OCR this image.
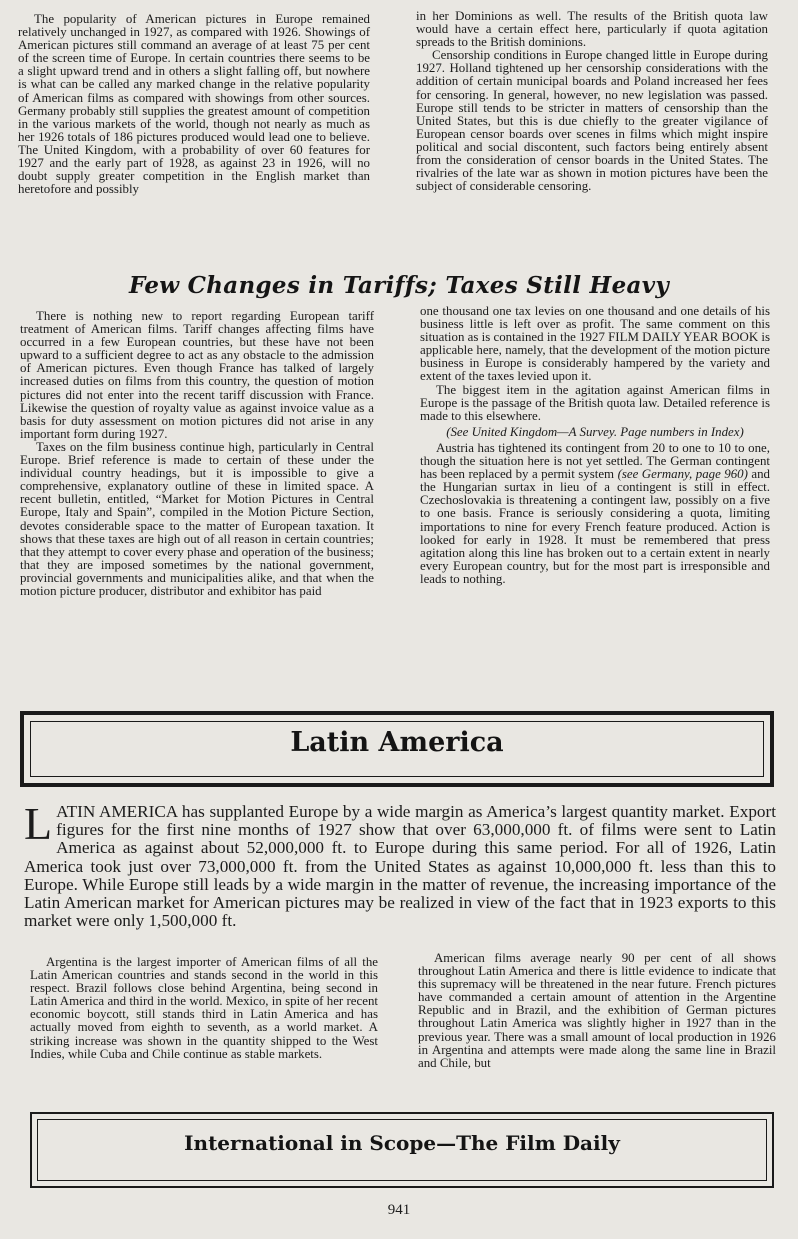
The popularity of American pictures in Europe remained relatively unchanged in 1927, as compared with 1926. Showings of American pictures still command an average of at least 75 per cent of the screen time of Europe. In certain countries there seems to be a slight upward trend and in others a slight falling off, but nowhere is what can be called any marked change in the relative popularity of American films as compared with showings from other sources. Germany probably still supplies the greatest amount of competition in the various markets of the world, though not nearly as much as her 1926 totals of 186 pictures produced would lead one to believe. The United Kingdom, with a probability of over 60 features for 1927 and the early part of 1928, as against 23 in 1926, will no doubt supply greater competition in the English market than heretofore and possibly

in her Dominions as well. The results of the British quota law would have a certain effect here, particularly if quota agitation spreads to the British dominions.

Censorship conditions in Europe changed little in Europe during 1927. Holland tightened up her censorship considerations with the addition of certain municipal boards and Poland increased her fees for censoring. In general, however, no new legislation was passed. Europe still tends to be stricter in matters of censorship than the United States, but this is due chiefly to the greater vigilance of European censor boards over scenes in films which might inspire political and social discontent, such factors being entirely absent from the consideration of censor boards in the United States. The rivalries of the late war as shown in motion pictures have been the subject of considerable censoring.

Few Changes in Tariffs; Taxes Still Heavy

There is nothing new to report regarding European tariff treatment of American films. Tariff changes affecting films have occurred in a few European countries, but these have not been upward to a sufficient degree to act as any obstacle to the admission of American pictures. Even though France has talked of largely increased duties on films from this country, the question of motion pictures did not enter into the recent tariff discussion with France. Likewise the question of royalty value as against invoice value as a basis for duty assessment on motion pictures did not arise in any important form during 1927.

Taxes on the film business continue high, particularly in Central Europe. Brief reference is made to certain of these under the individual country headings, but it is impossible to give a comprehensive, explanatory outline of these in limited space. A recent bulletin, entitled, “Market for Motion Pictures in Central Europe, Italy and Spain”, compiled in the Motion Picture Section, devotes considerable space to the matter of European taxation. It shows that these taxes are high out of all reason in certain countries; that they attempt to cover every phase and operation of the business; that they are imposed sometimes by the national government, provincial governments and municipalities alike, and that when the motion picture producer, distributor and exhibitor has paid

one thousand one tax levies on one thousand and one details of his business little is left over as profit. The same comment on this situation as is contained in the 1927 FILM DAILY YEAR BOOK is applicable here, namely, that the development of the motion picture business in Europe is considerably hampered by the variety and extent of the taxes levied upon it.

The biggest item in the agitation against American films in Europe is the passage of the British quota law. Detailed reference is made to this elsewhere.

(See United Kingdom—A Survey. Page numbers in Index)

Austria has tightened its contingent from 20 to one to 10 to one, though the situation here is not yet settled. The German contingent has been replaced by a permit system (see Germany, page 960) and the Hungarian surtax in lieu of a contingent is still in effect. Czechoslovakia is threatening a contingent law, possibly on a five to one basis. France is seriously considering a quota, limiting importations to nine for every French feature produced. Action is looked for early in 1928. It must be remembered that press agitation along this line has broken out to a certain extent in nearly every European country, but for the most part is irresponsible and leads to nothing.

Latin America

LATIN AMERICA has supplanted Europe by a wide margin as America’s largest quantity market. Export figures for the first nine months of 1927 show that over 63,000,000 ft. of films were sent to Latin America as against about 52,000,000 ft. to Europe during this same period. For all of 1926, Latin America took just over 73,000,000 ft. from the United States as against 10,000,000 ft. less than this to Europe. While Europe still leads by a wide margin in the matter of revenue, the increasing importance of the Latin American market for American pictures may be realized in view of the fact that in 1923 exports to this market were only 1,500,000 ft.

Argentina is the largest importer of American films of all the Latin American countries and stands second in the world in this respect. Brazil follows close behind Argentina, being second in Latin America and third in the world. Mexico, in spite of her recent economic boycott, still stands third in Latin America and has actually moved from eighth to seventh, as a world market. A striking increase was shown in the quantity shipped to the West Indies, while Cuba and Chile continue as stable markets.

American films average nearly 90 per cent of all shows throughout Latin America and there is little evidence to indicate that this supremacy will be threatened in the near future. French pictures have commanded a certain amount of attention in the Argentine Republic and in Brazil, and the exhibition of German pictures throughout Latin America was slightly higher in 1927 than in the previous year. There was a small amount of local production in 1926 in Argentina and attempts were made along the same line in Brazil and Chile, but

International in Scope—The Film Daily
941
